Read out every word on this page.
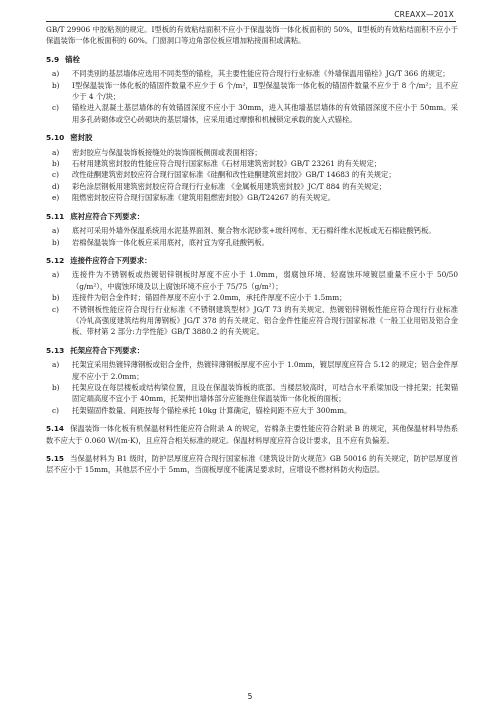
CREAXX—201X

GB/T 29906 中胶粘剂的规定。Ⅰ型板的有效粘结面积不应小于保温装饰一体化板面积的 50%，Ⅱ型板的有效粘结面积不应小于保温装饰一体化板面积的 60%。门窗洞口等边角部位板应增加粘接面积或满粘。

5.9 锚栓

a)	不同类别的基层墙体应选用不同类型的锚栓，其主要性能应符合现行行业标准《外墙保温用锚栓》JG/T 366 的规定；
b)	Ⅰ型保温装饰一体化板的锚固件数量不应少于 6 个/m²，Ⅱ型保温装饰一体化板的锚固件数量不应少于 8 个/m²；且不应少于 4 个/块；
c)	锚栓进入混凝土基层墙体的有效锚固深度不应小于 30mm，进入其他墙基层墙体的有效锚固深度不应小于 50mm。采用多孔砖砌体或空心砖砌块的基层墙体，应采用通过摩擦和机械锁定承载的旋入式锚栓。

5.10 密封胶

a)	密封胶应与保温装饰板接缝处的装饰面板侧面或表面相容；
b)	石材用建筑密封胶的性能应符合现行国家标准《石材用建筑密封胶》GB/T 23261 的有关规定；
c)	改性硅酮建筑密封胶应符合现行国家标准《硅酮和改性硅酮建筑密封胶》GB/T 14683 的有关规定；
d)	彩色涂层钢板用建筑密封胶应符合现行行业标准 《金属板用建筑密封胶》JC/T 884 的有关规定；
e)	阻燃密封胶应符合现行国家标准《建筑用阻燃密封胶》GB/T24267 的有关规定。

5.11 底衬应符合下列要求：

a)	底衬可采用外墙外保温系统用水泥基界面剂、聚合物水泥砂浆+玻纤网布、无石棉纤维水泥板或无石棉硅酸钙板。
b)	岩棉保温装饰一体化板应采用底衬，底衬宜为穿孔硅酸钙板。

5.12 连接件应符合下列要求：

a)	连接件为不锈钢板或热镀铝锌钢板时厚度不应小于 1.0mm，弱腐蚀环境、轻腐蚀环境镀层重量不应小于 50/50（g/m²），中腐蚀环境及以上腐蚀环境不应小于 75/75（g/m²）；
b)	连接件为铝合金件时；锚固件厚度不应小于 2.0mm，承托件厚度不应小于 1.5mm；
c)	不锈钢板性能应符合现行行业标准《不锈钢建筑型材》JG/T 73 的有关规定、热镀铝锌钢板性能应符合现行行业标准《冷轧高强度建筑结构用薄钢板》JG/T 378 的有关规定、铝合金件性能应符合现行国家标准《一般工业用铝及铝合金板、带材第 2 部分:力学性能》GB/T 3880.2 的有关规定。

5.13 托架应符合下列要求：

a)	托架宜采用热镀锌薄钢板或铝合金件，热镀锌薄钢板厚度不应小于 1.0mm，镀层厚度应符合 5.12 的规定；铝合金件厚度不应小于 2.0mm；
b)	托架应设在每层楼板或结构梁位置，且设在保温装饰板的底部。当楼层较高时，可结合水平系梁加设一排托架；托架锚固定端高度不宜小于 40mm，托架伸出墙体部分应能拖住保温装饰一体化板的面板；
c)	托架锚固件数量、间距按每个锚栓承托 10kg 计算确定，锚栓间距不应大于 300mm。

5.14 保温装饰一体化板有机保温材料性能应符合附录 A 的规定，岩棉条主要性能应符合附录 B 的规定，其他保温材料导热系数不应大于 0.060 W/(m·K)，且应符合相关标准的规定。保温材料厚度应符合设计要求，且不应有负偏差。

5.15 当保温材料为 B1 级时，防护层厚度应符合现行国家标准《建筑设计防火规范》GB 50016 的有关规定，防护层厚度首层不应小于 15mm，其他层不应小于 5mm，当面板厚度不能满足要求时，应增设不燃材料防火构造层。

5
